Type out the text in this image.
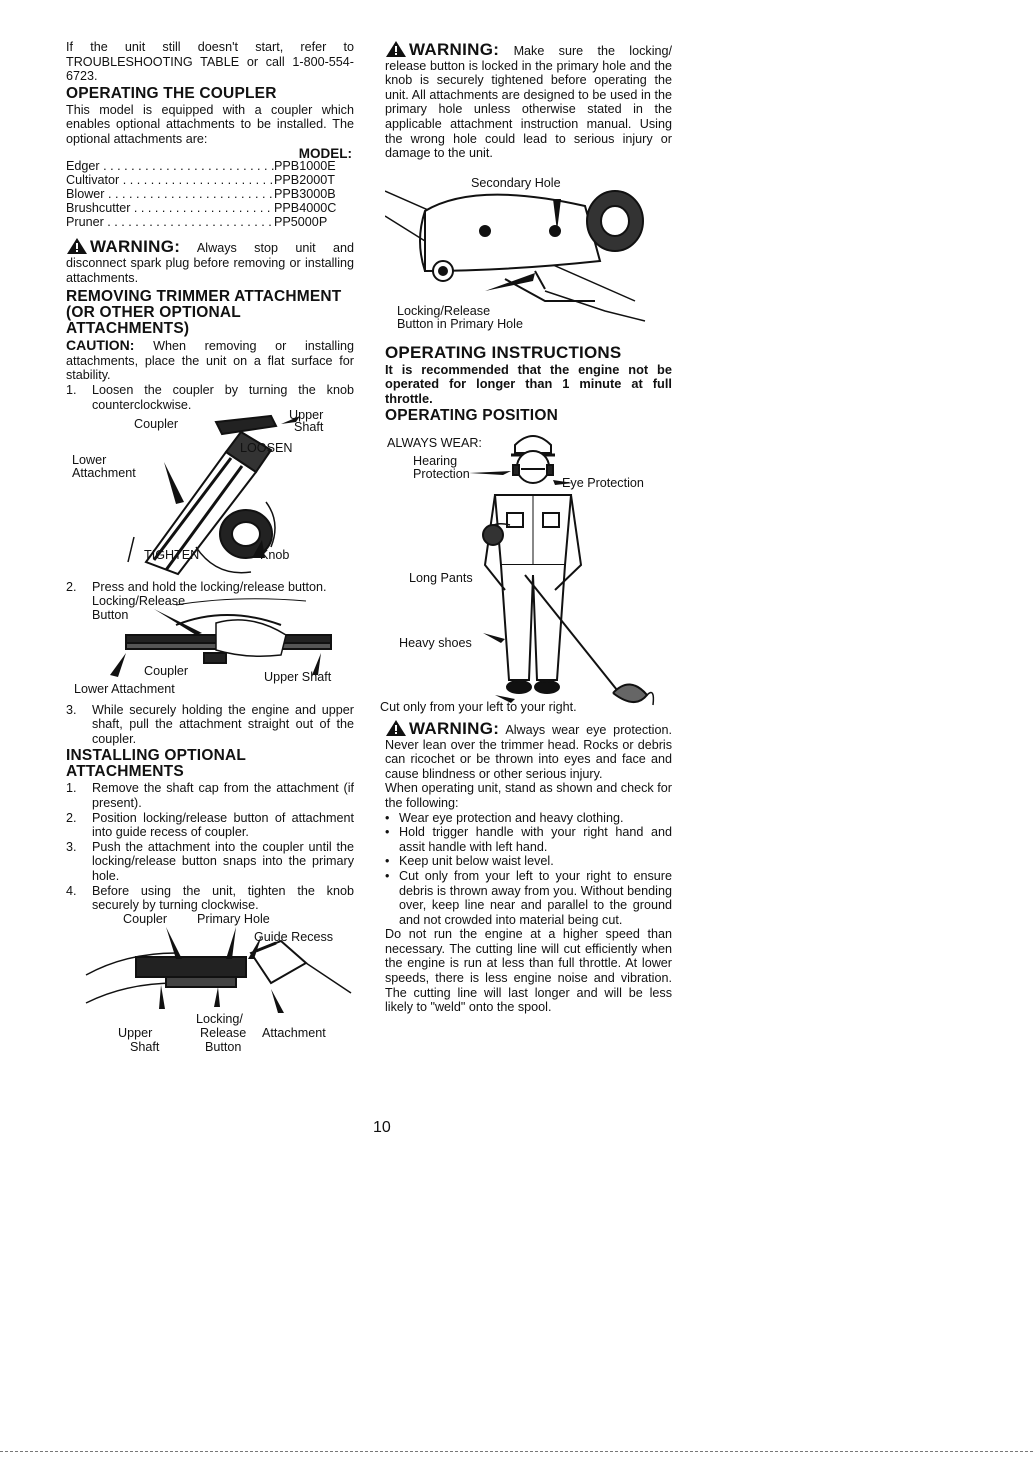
If the unit still doesn't start, refer to TROUBLESHOOTING TABLE or call 1-800-554-6723.

OPERATING THE COUPLER

This model is equipped with a coupler which enables optional attachments to be installed. The optional attachments are:

MODEL:
Edger . . .	PPB1000E
Cultivator . . .	PPB2000T
Blower . . .	PPB3000B
Brushcutter . . .	PPB4000C
Pruner . . .	PP5000P

WARNING: Always stop unit and disconnect spark plug before removing or installing attachments.

REMOVING TRIMMER ATTACHMENT (OR OTHER OPTIONAL ATTACHMENTS)

CAUTION: When removing or installing attachments, place the unit on a flat surface for stability.

1.	Loosen the coupler by turning the knob counterclockwise.
Coupler
Upper
Shaft
LOOSEN
Lower
Attachment
TIGHTEN	Knob
2.	Press and hold the locking/release button.
Locking/Release
Button
Coupler	Upper Shaft
Lower Attachment
3.	While securely holding the engine and upper shaft, pull the attachment straight out of the coupler.
INSTALLING OPTIONAL ATTACHMENTS
1.	Remove the shaft cap from the attachment (if present).
2.	Position locking/release button of attachment into guide recess of coupler.
3.	Push the attachment into the coupler until the locking/release button snaps into the primary hole.
4.	Before using the unit, tighten the knob securely by turning clockwise.
Coupler Primary Hole
Guide Recess
Locking/
Upper	Release Attachment
Shaft	Button

WARNING: Make sure the locking/ release button is locked in the primary hole and the knob is securely tightened before operating the unit. All attachments are designed to be used in the primary hole unless otherwise stated in the applicable attachment instruction manual. Using the wrong hole could lead to serious injury or damage to the unit.

Secondary Hole
Locking/Release
Button in Primary Hole
OPERATING INSTRUCTIONS

It is recommended that the engine not be operated for longer than 1 minute at full throttle.

OPERATING POSITION
ALWAYS WEAR:
Hearing
Protection
Eye Protection
Long Pants
Heavy shoes
Cut only from your left to your right.

WARNING: Always wear eye protection. Never lean over the trimmer head. Rocks or debris can ricochet or be thrown into eyes and face and cause blindness or other serious injury.

When operating unit, stand as shown and check for the following:

• Wear eye protection and heavy clothing.
• Hold trigger handle with your right hand and assit handle with left hand.
• Keep unit below waist level.
• Cut only from your left to your right to ensure debris is thrown away from you. Without bending over, keep line near and parallel to the ground and not crowded into material being cut.

Do not run the engine at a higher speed than necessary. The cutting line will cut efficiently when the engine is run at less than full throttle. At lower speeds, there is less engine noise and vibration. The cutting line will last longer and will be less likely to "weld" onto the spool.

10
